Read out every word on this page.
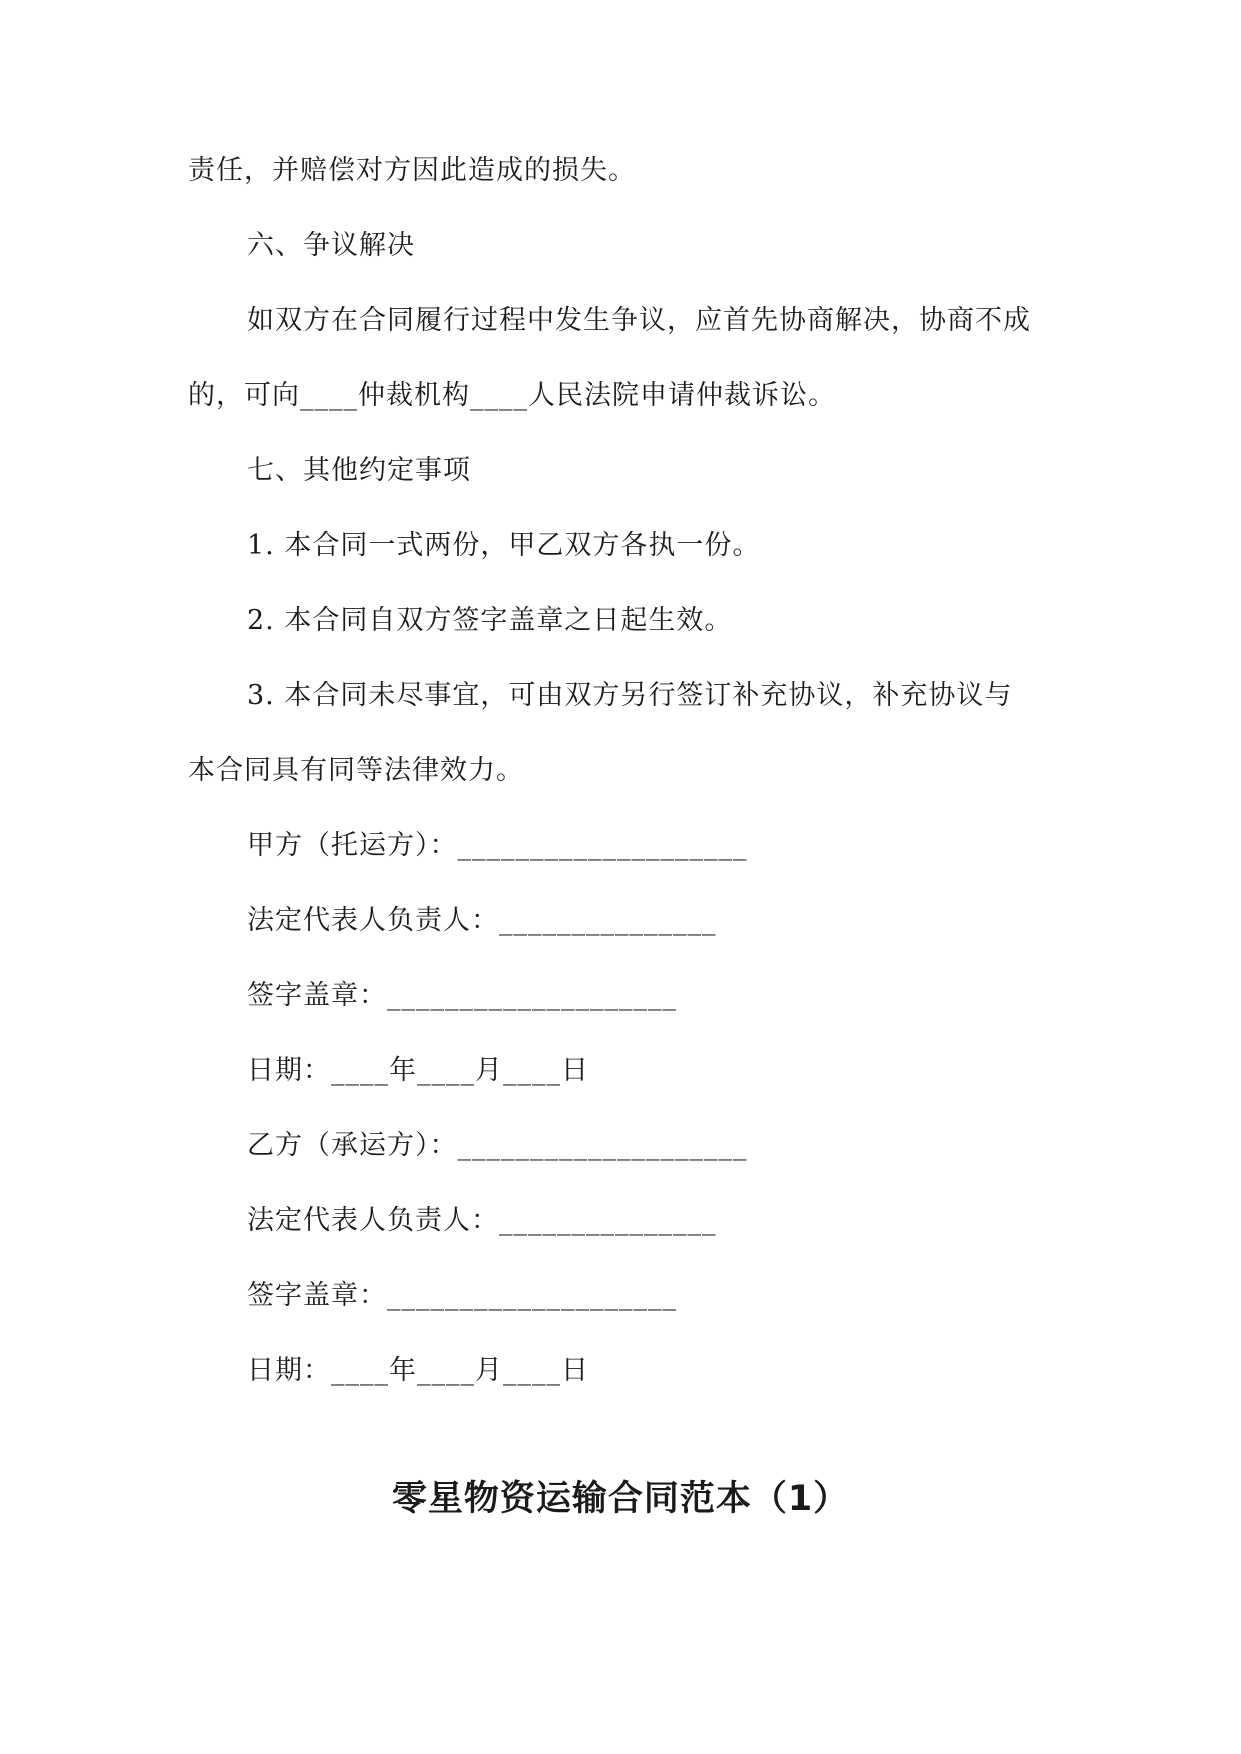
责任，并赔偿对方因此造成的损失。
六、争议解决
如双方在合同履行过程中发生争议，应首先协商解决，协商不成
的，可向____仲裁机构____人民法院申请仲裁诉讼。
七、其他约定事项
1. 本合同一式两份，甲乙双方各执一份。
2. 本合同自双方签字盖章之日起生效。
3. 本合同未尽事宜，可由双方另行签订补充协议，补充协议与
本合同具有同等法律效力。
甲方（托运方）：____________________
法定代表人负责人：_______________
签字盖章：____________________
日期：____年____月____日
乙方（承运方）：____________________
法定代表人负责人：_______________
签字盖章：____________________
日期：____年____月____日
零星物资运输合同范本（1）
